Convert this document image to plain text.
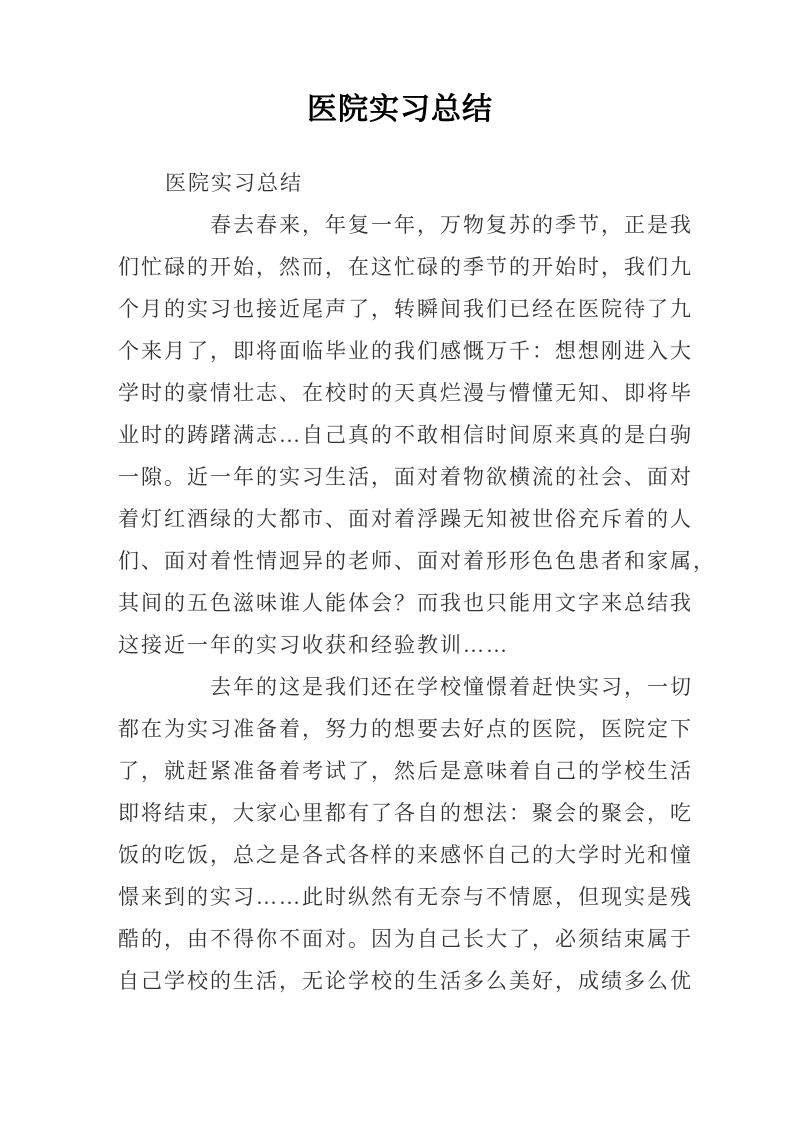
医院实习总结
医院实习总结
春去春来，年复一年，万物复苏的季节，正是我
们忙碌的开始，然而，在这忙碌的季节的开始时，我们九
个月的实习也接近尾声了，转瞬间我们已经在医院待了九
个来月了，即将面临毕业的我们感慨万千：想想刚进入大
学时的豪情壮志、在校时的天真烂漫与懵懂无知、即将毕
业时的踌躇满志…自己真的不敢相信时间原来真的是白驹
一隙。近一年的实习生活，面对着物欲横流的社会、面对
着灯红酒绿的大都市、面对着浮躁无知被世俗充斥着的人
们、面对着性情迥异的老师、面对着形形色色患者和家属，
其间的五色滋味谁人能体会？而我也只能用文字来总结我
这接近一年的实习收获和经验教训……
去年的这是我们还在学校憧憬着赶快实习，一切
都在为实习准备着，努力的想要去好点的医院，医院定下
了，就赶紧准备着考试了，然后是意味着自己的学校生活
即将结束，大家心里都有了各自的想法：聚会的聚会，吃
饭的吃饭，总之是各式各样的来感怀自己的大学时光和憧
憬来到的实习……此时纵然有无奈与不情愿，但现实是残
酷的，由不得你不面对。因为自己长大了，必须结束属于
自己学校的生活，无论学校的生活多么美好，成绩多么优
